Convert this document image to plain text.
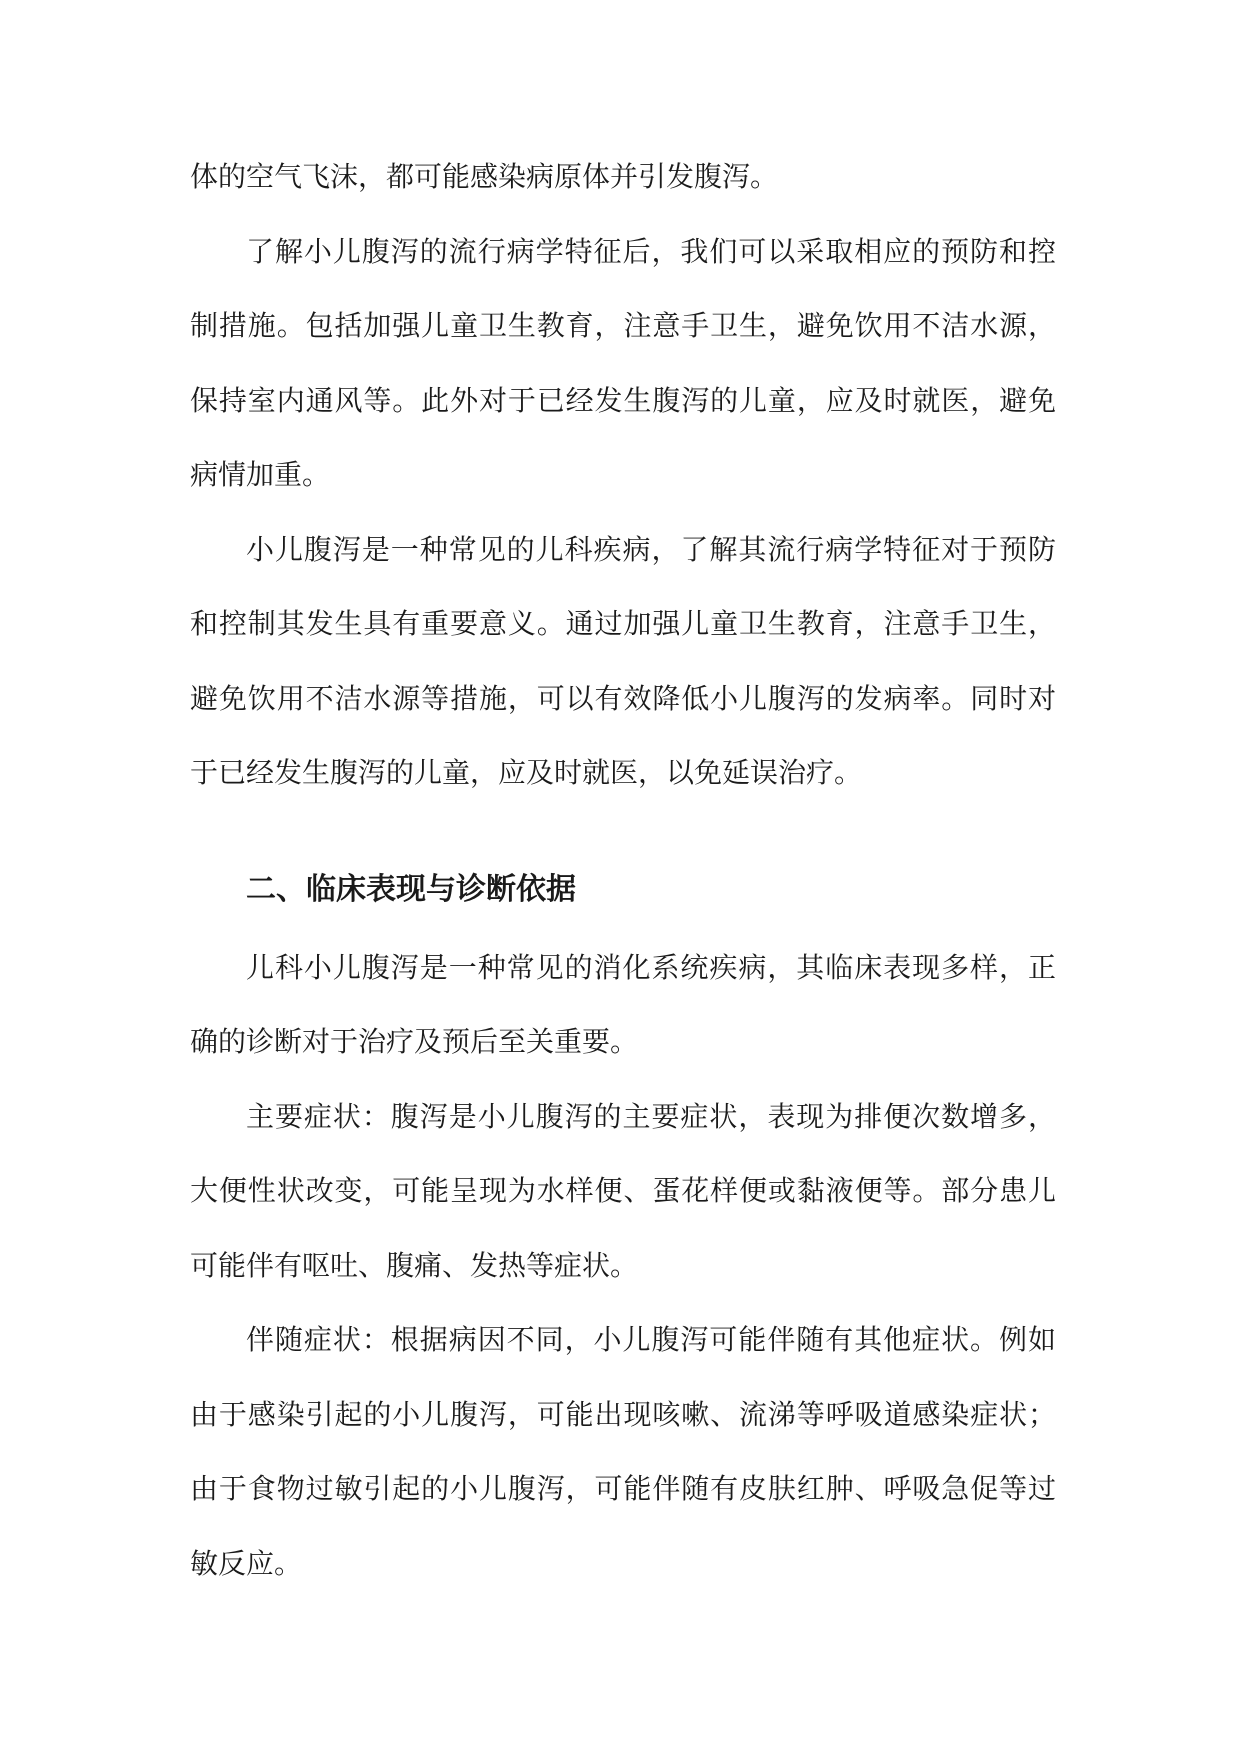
体的空气飞沫，都可能感染病原体并引发腹泻。

了解小儿腹泻的流行病学特征后，我们可以采取相应的预防和控制措施。包括加强儿童卫生教育，注意手卫生，避免饮用不洁水源，保持室内通风等。此外对于已经发生腹泻的儿童，应及时就医，避免病情加重。

小儿腹泻是一种常见的儿科疾病，了解其流行病学特征对于预防和控制其发生具有重要意义。通过加强儿童卫生教育，注意手卫生，避免饮用不洁水源等措施，可以有效降低小儿腹泻的发病率。同时对于已经发生腹泻的儿童，应及时就医，以免延误治疗。

二、临床表现与诊断依据

儿科小儿腹泻是一种常见的消化系统疾病，其临床表现多样，正确的诊断对于治疗及预后至关重要。

主要症状：腹泻是小儿腹泻的主要症状，表现为排便次数增多，大便性状改变，可能呈现为水样便、蛋花样便或黏液便等。部分患儿可能伴有呕吐、腹痛、发热等症状。

伴随症状：根据病因不同，小儿腹泻可能伴随有其他症状。例如由于感染引起的小儿腹泻，可能出现咳嗽、流涕等呼吸道感染症状；由于食物过敏引起的小儿腹泻，可能伴随有皮肤红肿、呼吸急促等过敏反应。
